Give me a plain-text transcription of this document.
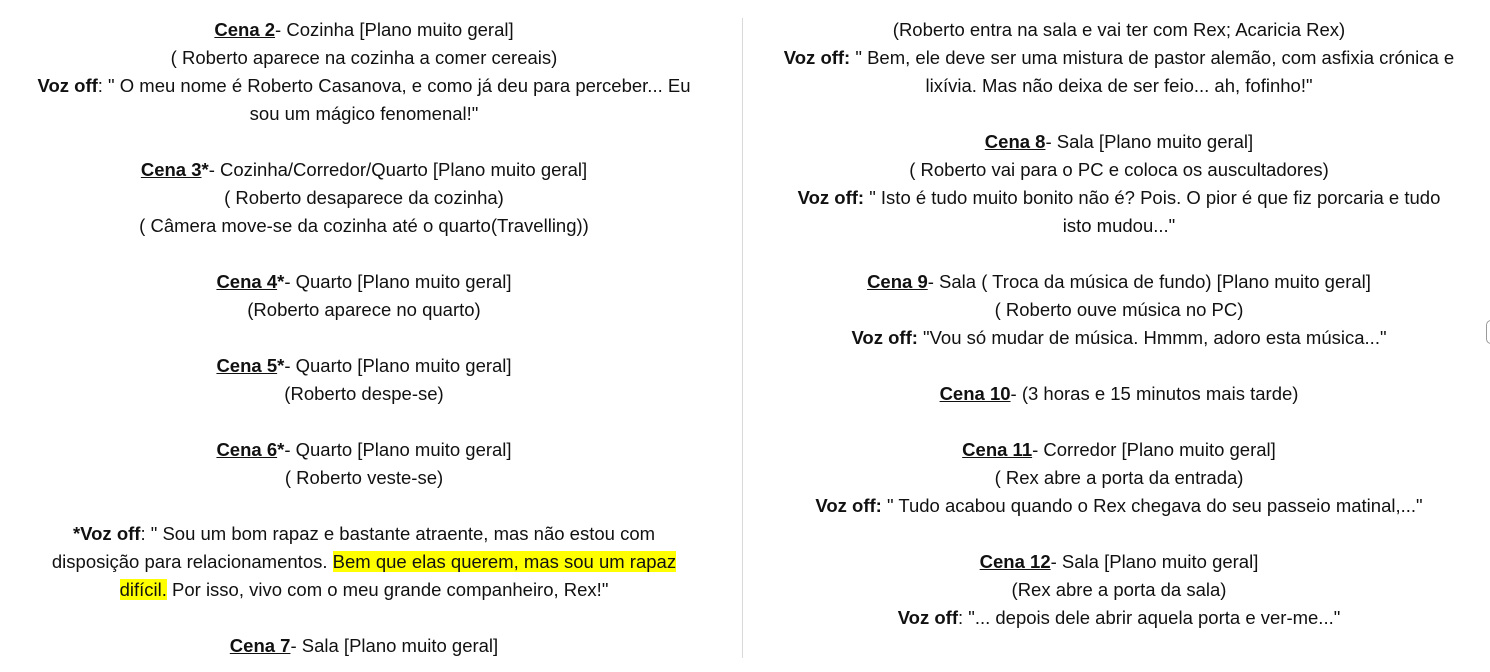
Cena 2- Cozinha [Plano muito geral]
( Roberto aparece na cozinha a comer cereais)
Voz off: " O meu nome é Roberto Casanova, e como já deu para perceber... Eu
sou um mágico fenomenal!"
Cena 3*- Cozinha/Corredor/Quarto [Plano muito geral]
( Roberto desaparece da cozinha)
( Câmera move-se da cozinha até o quarto(Travelling))
Cena 4*- Quarto [Plano muito geral]
(Roberto aparece no quarto)
Cena 5*- Quarto [Plano muito geral]
(Roberto despe-se)
Cena 6*- Quarto [Plano muito geral]
( Roberto veste-se)
*Voz off: " Sou um bom rapaz e bastante atraente, mas não estou com
disposição para relacionamentos. Bem que elas querem, mas sou um rapaz
difícil. Por isso, vivo com o meu grande companheiro, Rex!"
Cena 7- Sala [Plano muito geral]
(Roberto entra na sala e vai ter com Rex; Acaricia Rex)
Voz off: " Bem, ele deve ser uma mistura de pastor alemão, com asfixia crónica e
lixívia. Mas não deixa de ser feio... ah, fofinho!"
Cena 8- Sala [Plano muito geral]
( Roberto vai para o PC e coloca os auscultadores)
Voz off: " Isto é tudo muito bonito não é? Pois. O pior é que fiz porcaria e tudo
isto mudou..."
Cena 9- Sala ( Troca da música de fundo) [Plano muito geral]
( Roberto ouve música no PC)
Voz off: "Vou só mudar de música. Hmmm, adoro esta música..."
Cena 10- (3 horas e 15 minutos mais tarde)
Cena 11- Corredor [Plano muito geral]
( Rex abre a porta da entrada)
Voz off: " Tudo acabou quando o Rex chegava do seu passeio matinal,..."
Cena 12- Sala [Plano muito geral]
(Rex abre a porta da sala)
Voz off: "... depois dele abrir aquela porta e ver-me..."
